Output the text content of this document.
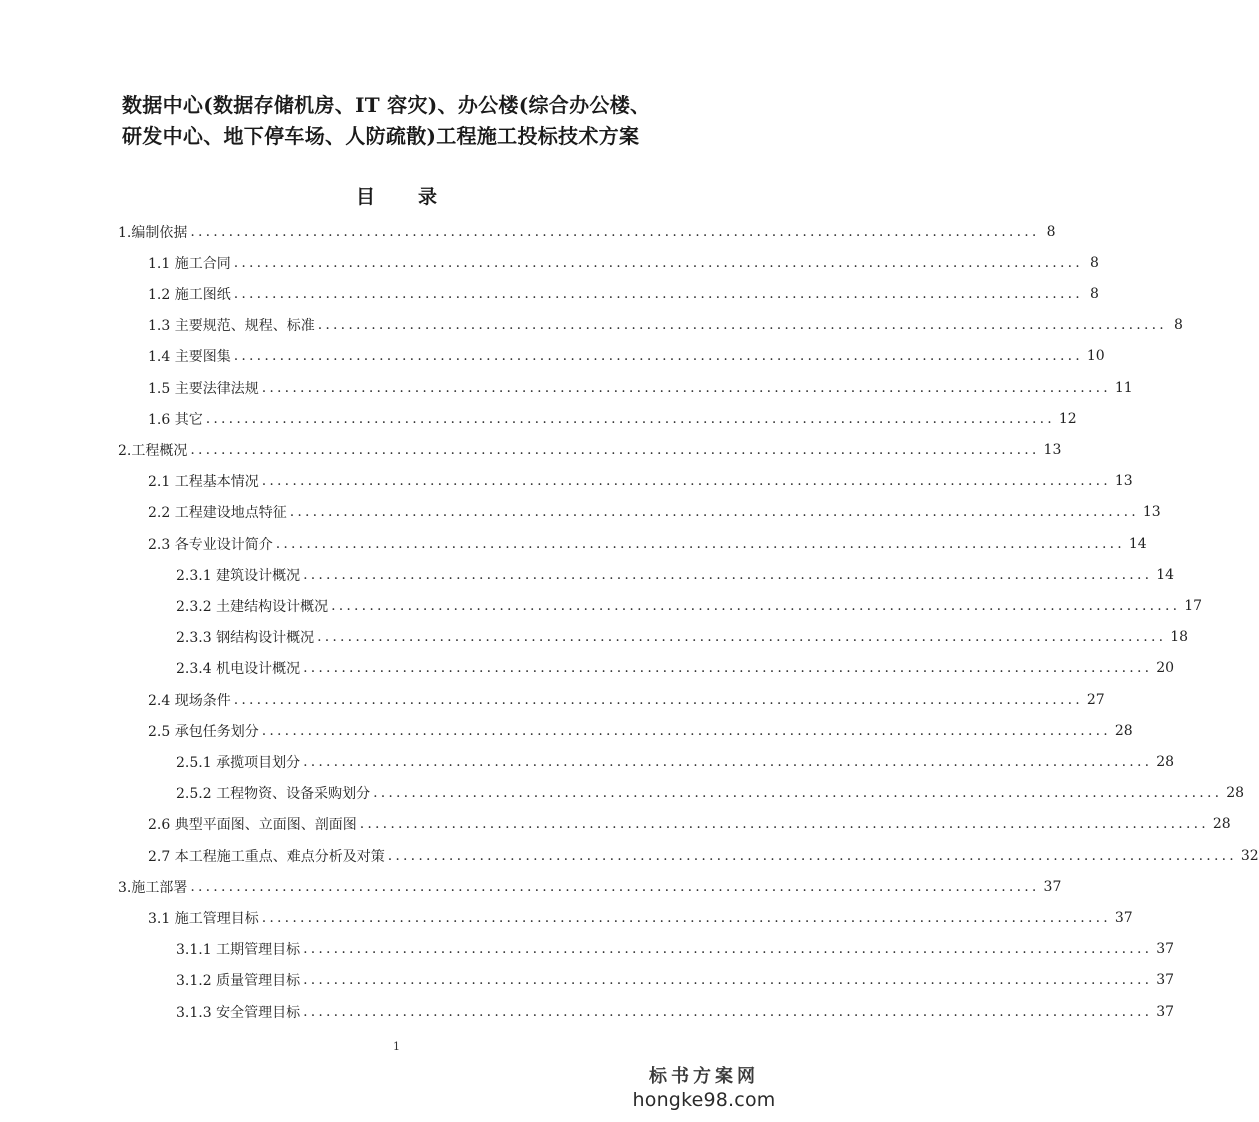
数据中心(数据存储机房、IT 容灾)、办公楼(综合办公楼、
研发中心、地下停车场、人防疏散)工程施工投标技术方案
目　录
1.编制依据 ............................................................................................................... 8
1.1 施工合同 ............................................................................................................... 8
1.2 施工图纸 ............................................................................................................... 8
1.3 主要规范、规程、标准 ............................................................................................................... 8
1.4 主要图集 ............................................................................................................... 10
1.5 主要法律法规 ............................................................................................................... 11
1.6 其它 ............................................................................................................... 12
2.工程概况 ............................................................................................................... 13
2.1 工程基本情况 ............................................................................................................... 13
2.2 工程建设地点特征 ............................................................................................................... 13
2.3 各专业设计简介 ............................................................................................................... 14
2.3.1 建筑设计概况 ............................................................................................................... 14
2.3.2 土建结构设计概况 ............................................................................................................... 17
2.3.3 钢结构设计概况 ............................................................................................................... 18
2.3.4 机电设计概况 ............................................................................................................... 20
2.4 现场条件 ............................................................................................................... 27
2.5 承包任务划分 ............................................................................................................... 28
2.5.1 承揽项目划分 ............................................................................................................... 28
2.5.2 工程物资、设备采购划分 ............................................................................................................... 28
2.6 典型平面图、立面图、剖面图 ............................................................................................................... 28
2.7 本工程施工重点、难点分析及对策 ............................................................................................................... 32
3.施工部署 ............................................................................................................... 37
3.1 施工管理目标 ............................................................................................................... 37
3.1.1 工期管理目标 ............................................................................................................... 37
3.1.2 质量管理目标 ............................................................................................................... 37
3.1.3 安全管理目标 ............................................................................................................... 37
1
标书方案网
hongke98.com
